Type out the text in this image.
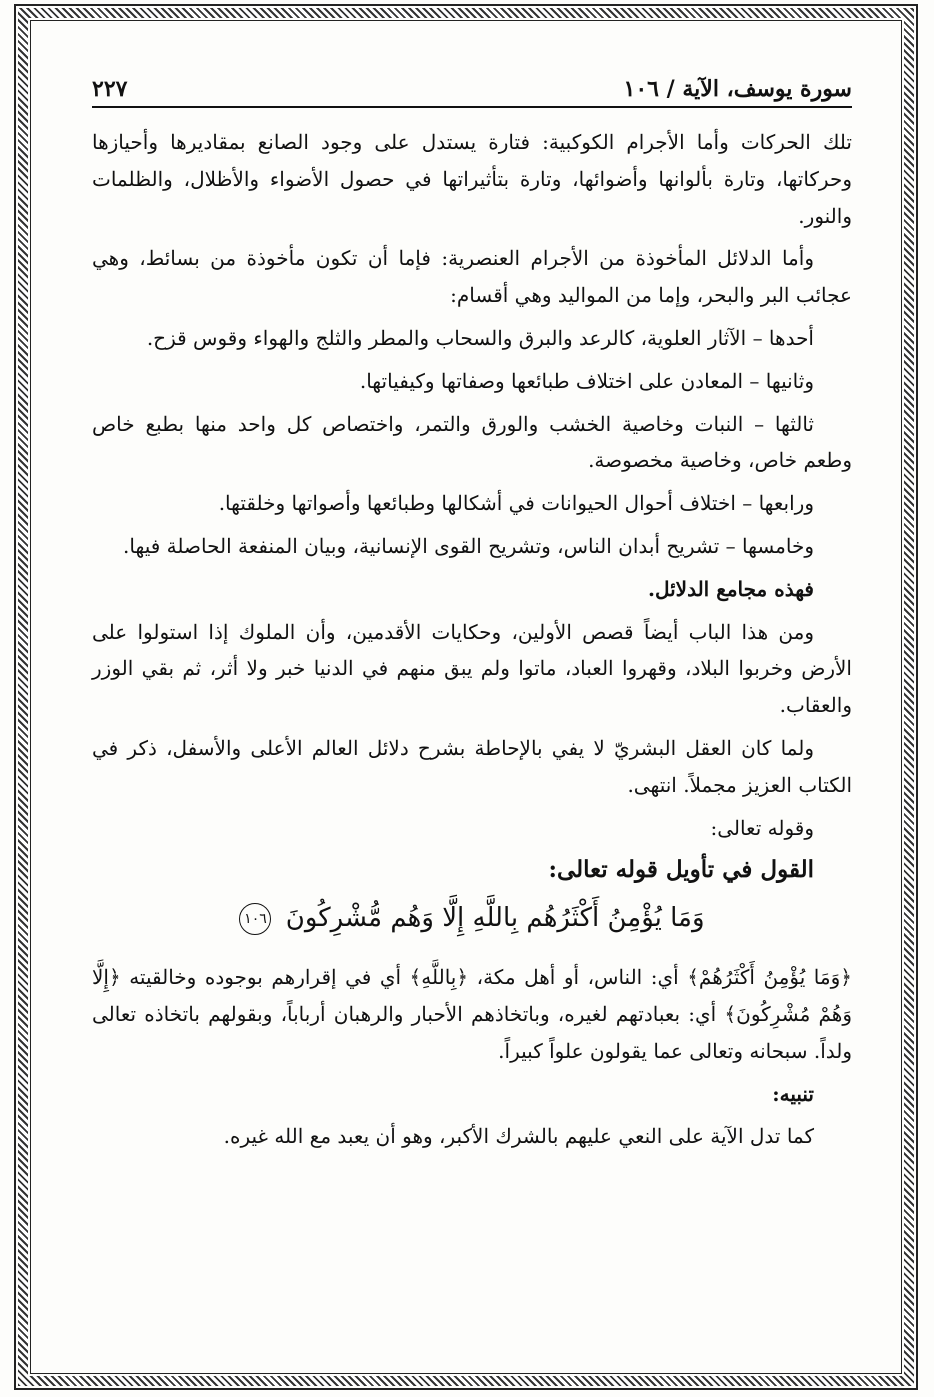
سورة يوسف، الآية / ١٠٦
٢٢٧

تلك الحركات وأما الأجرام الكوكبية: فتارة يستدل على وجود الصانع بمقاديرها وأحيازها وحركاتها، وتارة بألوانها وأضوائها، وتارة بتأثيراتها في حصول الأضواء والأظلال، والظلمات والنور.

وأما الدلائل المأخوذة من الأجرام العنصرية: فإما أن تكون مأخوذة من بسائط، وهي عجائب البر والبحر، وإما من المواليد وهي أقسام:

أحدها – الآثار العلوية، كالرعد والبرق والسحاب والمطر والثلج والهواء وقوس قزح.

وثانيها – المعادن على اختلاف طبائعها وصفاتها وكيفياتها.

ثالثها – النبات وخاصية الخشب والورق والتمر، واختصاص كل واحد منها بطبع خاص وطعم خاص، وخاصية مخصوصة.

ورابعها – اختلاف أحوال الحيوانات في أشكالها وطبائعها وأصواتها وخلقتها.

وخامسها – تشريح أبدان الناس، وتشريح القوى الإنسانية، وبيان المنفعة الحاصلة فيها.

فهذه مجامع الدلائل.

ومن هذا الباب أيضاً قصص الأولين، وحكايات الأقدمين، وأن الملوك إذا استولوا على الأرض وخربوا البلاد، وقهروا العباد، ماتوا ولم يبق منهم في الدنيا خبر ولا أثر، ثم بقي الوزر والعقاب.

ولما كان العقل البشريّ لا يفي بالإحاطة بشرح دلائل العالم الأعلى والأسفل، ذكر في الكتاب العزيز مجملاً. انتهى.

وقوله تعالى:

القول في تأويل قوله تعالى:
وَمَا يُؤْمِنُ أَكْثَرُهُم بِاللَّهِ إِلَّا وَهُم مُّشْرِكُونَ ١٠٦

﴿وَمَا يُؤْمِنُ أَكْثَرُهُمْ﴾ أي: الناس، أو أهل مكة، ﴿بِاللَّهِ﴾ أي في إقرارهم بوجوده وخالقيته ﴿إِلَّا وَهُمْ مُشْرِكُونَ﴾ أي: بعبادتهم لغيره، وباتخاذهم الأحبار والرهبان أرباباً، وبقولهم باتخاذه تعالى ولداً. سبحانه وتعالى عما يقولون علواً كبيراً.

تنبيه:

كما تدل الآية على النعي عليهم بالشرك الأكبر، وهو أن يعبد مع الله غيره.
